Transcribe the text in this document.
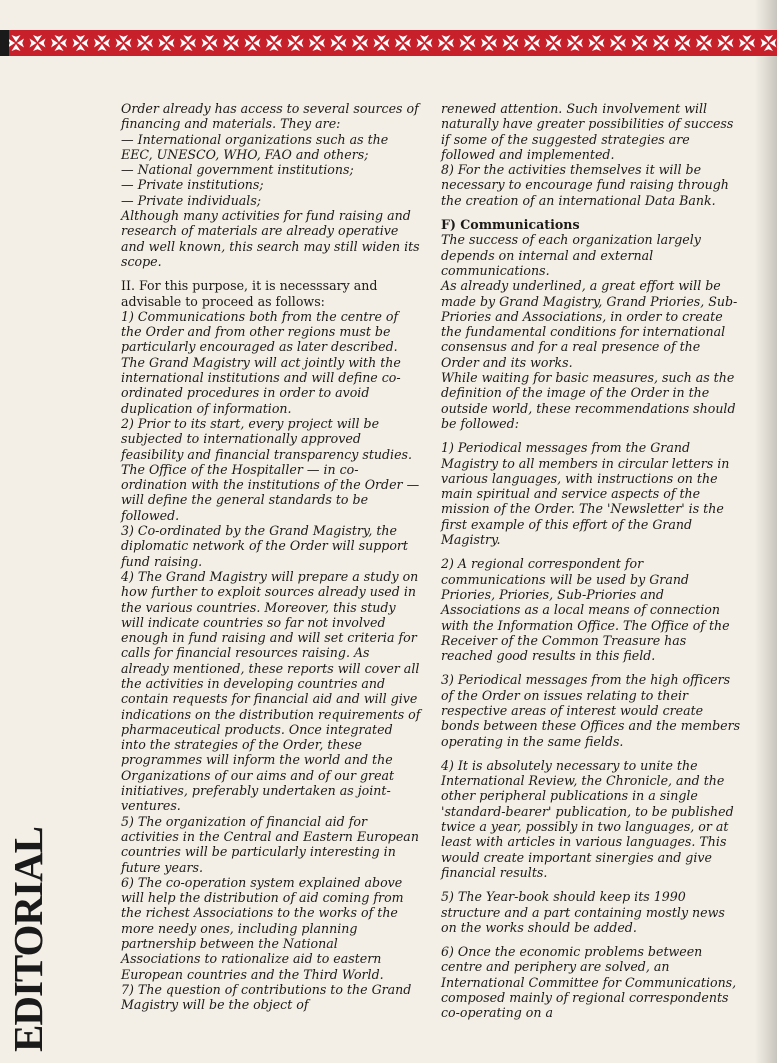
EDITORIAL

Order already has access to several sources of financing and materials. They are:

— International organizations such as the EEC, UNESCO, WHO, FAO and others;

— National government institutions;

— Private institutions;

— Private individuals;

Although many activities for fund raising and research of materials are already operative and well known, this search may still widen its scope.

II. For this purpose, it is necesssary and advisable to proceed as follows:

1) Communications both from the centre of the Order and from other regions must be particularly encouraged as later described. The Grand Magistry will act jointly with the international institutions and will define co-ordinated procedures in order to avoid duplication of information.

2) Prior to its start, every project will be subjected to internationally approved feasibility and financial transparency studies. The Office of the Hospitaller — in co-ordination with the institutions of the Order — will define the general standards to be followed.

3) Co-ordinated by the Grand Magistry, the diplomatic network of the Order will support fund raising.

4) The Grand Magistry will prepare a study on how further to exploit sources already used in the various countries. Moreover, this study will indicate countries so far not involved enough in fund raising and will set criteria for calls for financial resources raising. As already mentioned, these reports will cover all the activities in developing countries and contain requests for financial aid and will give indications on the distribution requirements of pharmaceutical products. Once integrated into the strategies of the Order, these programmes will inform the world and the Organizations of our aims and of our great initiatives, preferably undertaken as joint-ventures.

5) The organization of financial aid for activities in the Central and Eastern European countries will be particularly interesting in future years.

6) The co-operation system explained above will help the distribution of aid coming from the richest Associations to the works of the more needy ones, including planning partnership between the National Associations to rationalize aid to eastern European countries and the Third World.

7) The question of contributions to the Grand Magistry will be the object of

renewed attention. Such involvement will naturally have greater possibilities of success if some of the suggested strategies are followed and implemented.

8) For the activities themselves it will be necessary to encourage fund raising through the creation of an international Data Bank.

F) Communications

The success of each organization largely depends on internal and external communications.

As already underlined, a great effort will be made by Grand Magistry, Grand Priories, Sub-Priories and Associations, in order to create the fundamental conditions for international consensus and for a real presence of the Order and its works.

While waiting for basic measures, such as the definition of the image of the Order in the outside world, these recommendations should be followed:

1) Periodical messages from the Grand Magistry to all members in circular letters in various languages, with instructions on the main spiritual and service aspects of the mission of the Order. The 'Newsletter' is the first example of this effort of the Grand Magistry.

2) A regional correspondent for communications will be used by Grand Priories, Priories, Sub-Priories and Associations as a local means of connection with the Information Office. The Office of the Receiver of the Common Treasure has reached good results in this field.

3) Periodical messages from the high officers of the Order on issues relating to their respective areas of interest would create bonds between these Offices and the members operating in the same fields.

4) It is absolutely necessary to unite the International Review, the Chronicle, and the other peripheral publications in a single 'standard-bearer' publication, to be published twice a year, possibly in two languages, or at least with articles in various languages. This would create important sinergies and give financial results.

5) The Year-book should keep its 1990 structure and a part containing mostly news on the works should be added.

6) Once the economic problems between centre and periphery are solved, an International Committee for Communications, composed mainly of regional correspondents co-operating on a
